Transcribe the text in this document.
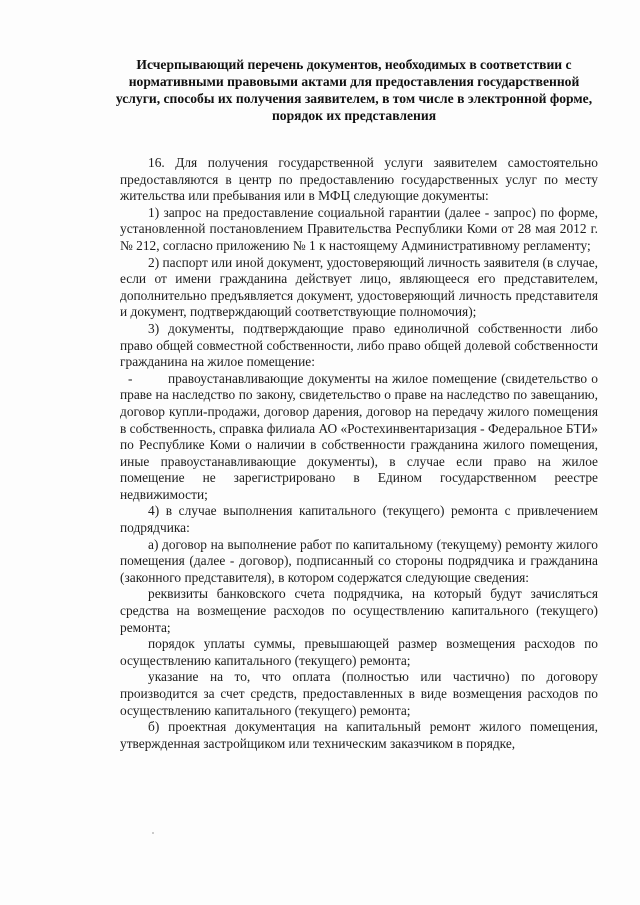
Исчерпывающий перечень документов, необходимых в соответствии с нормативными правовыми актами для предоставления государственной услуги, способы их получения заявителем, в том числе в электронной форме, порядок их представления

16. Для получения государственной услуги заявителем самостоятельно предоставляются в центр по предоставлению государственных услуг по месту жительства или пребывания или в МФЦ следующие документы:

1) запрос на предоставление социальной гарантии (далее - запрос) по форме, установленной постановлением Правительства Республики Коми от 28 мая 2012 г. № 212, согласно приложению № 1 к настоящему Административному регламенту;

2) паспорт или иной документ, удостоверяющий личность заявителя (в случае, если от имени гражданина действует лицо, являющееся его представителем, дополнительно предъявляется документ, удостоверяющий личность представителя и документ, подтверждающий соответствующие полномочия);

3) документы, подтверждающие право единоличной собственности либо право общей совместной собственности, либо право общей долевой собственности гражданина на жилое помещение:

-	правоустанавливающие документы на жилое помещение (свидетельство о праве на наследство по закону, свидетельство о праве на наследство по завещанию, договор купли-продажи, договор дарения, договор на передачу жилого помещения в собственность, справка филиала АО «Ростехинвентаризация - Федеральное БТИ» по Республике Коми о наличии в собственности гражданина жилого помещения, иные правоустанавливающие документы), в случае если право на жилое помещение не зарегистрировано в Едином государственном реестре недвижимости;

4) в случае выполнения капитального (текущего) ремонта с привлечением подрядчика:

а) договор на выполнение работ по капитальному (текущему) ремонту жилого помещения (далее - договор), подписанный со стороны подрядчика и гражданина (законного представителя), в котором содержатся следующие сведения:

реквизиты банковского счета подрядчика, на который будут зачисляться средства на возмещение расходов по осуществлению капитального (текущего) ремонта;

порядок уплаты суммы, превышающей размер возмещения расходов по осуществлению капитального (текущего) ремонта;

указание на то, что оплата (полностью или частично) по договору производится за счет средств, предоставленных в виде возмещения расходов по осуществлению капитального (текущего) ремонта;

б) проектная документация на капитальный ремонт жилого помещения, утвержденная застройщиком или техническим заказчиком в порядке,
